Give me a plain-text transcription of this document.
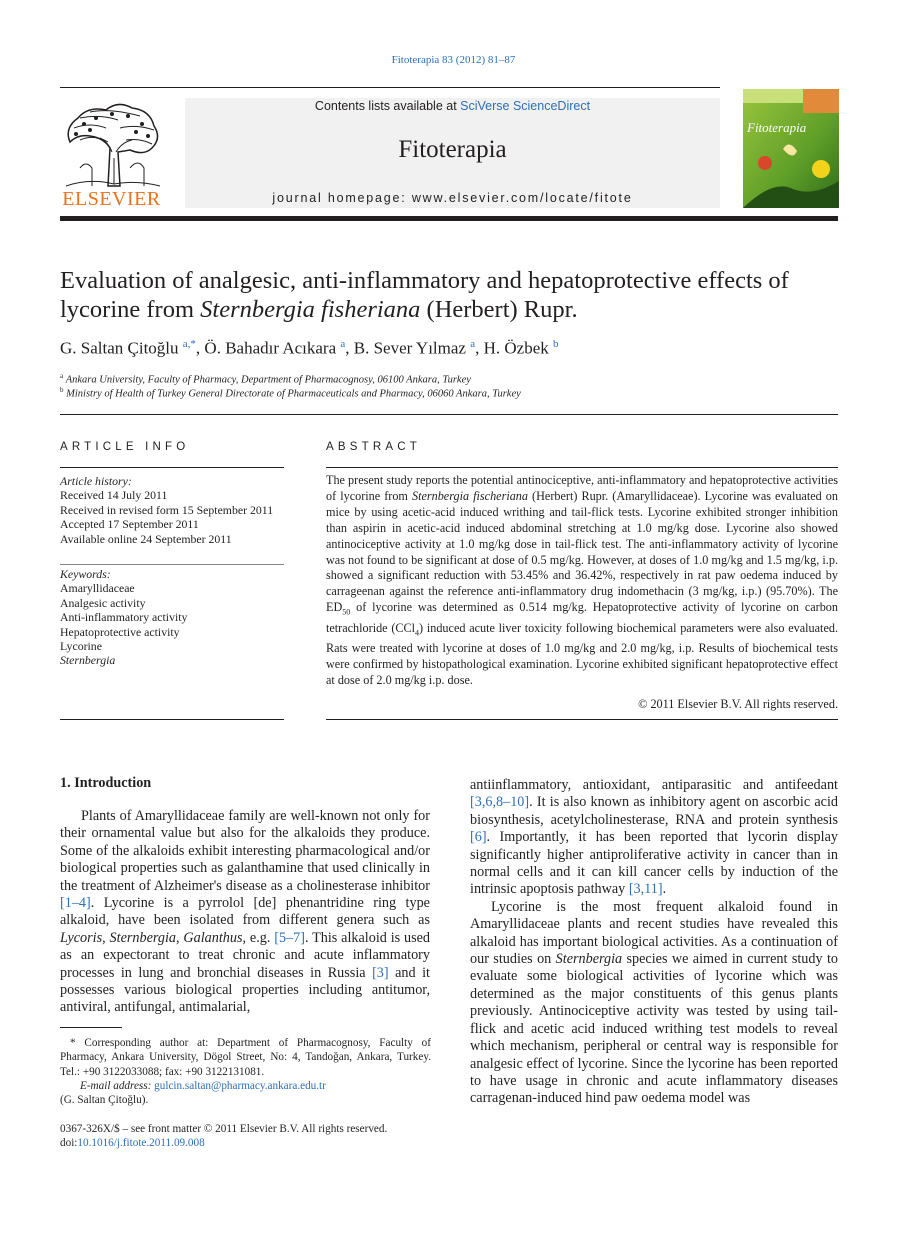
Fitoterapia 83 (2012) 81–87
ELSEVIER
Contents lists available at SciVerse ScienceDirect
Fitoterapia
journal homepage: www.elsevier.com/locate/fitote
Fitoterapia
Evaluation of analgesic, anti-inflammatory and hepatoprotective effects of lycorine from Sternbergia fisheriana (Herbert) Rupr.
G. Saltan Çitoğlu $^{a,*}$, Ö. Bahadır Acıkara $^a$, B. Sever Yılmaz $^a$, H. Özbek $^b$
$^a$ Ankara University, Faculty of Pharmacy, Department of Pharmacognosy, 06100 Ankara, Turkey
$^b$ Ministry of Health of Turkey General Directorate of Pharmaceuticals and Pharmacy, 06060 Ankara, Turkey
ARTICLE INFO
Article history:
Received 14 July 2011
Received in revised form 15 September 2011
Accepted 17 September 2011
Available online 24 September 2011
Keywords:
Amaryllidaceae
Analgesic activity
Anti-inflammatory activity
Hepatoprotective activity
Lycorine
Sternbergia
ABSTRACT
The present study reports the potential antinociceptive, anti-inflammatory and hepatoprotective activities of lycorine from Sternbergia fischeriana (Herbert) Rupr. (Amaryllidaceae). Lycorine was evaluated on mice by using acetic-acid induced writhing and tail-flick tests. Lycorine exhibited stronger inhibition than aspirin in acetic-acid induced abdominal stretching at 1.0 mg/kg dose. Lycorine also showed antinociceptive activity at 1.0 mg/kg dose in tail-flick test. The anti-inflammatory activity of lycorine was not found to be significant at dose of 0.5 mg/kg. However, at doses of 1.0 mg/kg and 1.5 mg/kg, i.p. showed a significant reduction with 53.45% and 36.42%, respectively in rat paw oedema induced by carrageenan against the reference anti-inflammatory drug indomethacin (3 mg/kg, i.p.) (95.70%). The $ED_{50}$ of lycorine was determined as 0.514 mg/kg. Hepatoprotective activity of lycorine on carbon tetrachloride (CCl$_4$) induced acute liver toxicity following biochemical parameters were also evaluated. Rats were treated with lycorine at doses of 1.0 mg/kg and 2.0 mg/kg, i.p. Results of biochemical tests were confirmed by histopathological examination. Lycorine exhibited significant hepatoprotective effect at dose of 2.0 mg/kg i.p. dose.
© 2011 Elsevier B.V. All rights reserved.
1. Introduction

Plants of Amaryllidaceae family are well-known not only for their ornamental value but also for the alkaloids they produce. Some of the alkaloids exhibit interesting pharmacological and/or biological properties such as galanthamine that used clinically in the treatment of Alzheimer's disease as a cholinesterase inhibitor [1–4]. Lycorine is a pyrrolol [de] phenantridine ring type alkaloid, have been isolated from different genera such as Lycoris, Sternbergia, Galanthus, e.g. [5–7]. This alkaloid is used as an expectorant to treat chronic and acute inflammatory processes in lung and bronchial diseases in Russia [3] and it possesses various biological properties including antitumor, antiviral, antifungal, antimalarial,

antiinflammatory, antioxidant, antiparasitic and antifeedant [3,6,8–10]. It is also known as inhibitory agent on ascorbic acid biosynthesis, acetylcholinesterase, RNA and protein synthesis [6]. Importantly, it has been reported that lycorin display significantly higher antiproliferative activity in cancer than in normal cells and it can kill cancer cells by induction of the intrinsic apoptosis pathway [3,11].

Lycorine is the most frequent alkaloid found in Amaryllidaceae plants and recent studies have revealed this alkaloid has important biological activities. As a continuation of our studies on Sternbergia species we aimed in current study to evaluate some biological activities of lycorine which was determined as the major constituents of this genus plants previously. Antinociceptive activity was tested by using tail-flick and acetic acid induced writhing test models to reveal which mechanism, peripheral or central way is responsible for analgesic effect of lycorine. Since the lycorine has been reported to have usage in chronic and acute inflammatory diseases carragenan-induced hind paw oedema model was

* Corresponding author at: Department of Pharmacognosy, Faculty of Pharmacy, Ankara University, Dögol Street, No: 4, Tandoğan, Ankara, Turkey. Tel.: +90 3122033088; fax: +90 3122131081.
E-mail address: gulcin.saltan@pharmacy.ankara.edu.tr
(G. Saltan Çitoğlu).
0367-326X/$ – see front matter © 2011 Elsevier B.V. All rights reserved.
doi:10.1016/j.fitote.2011.09.008
